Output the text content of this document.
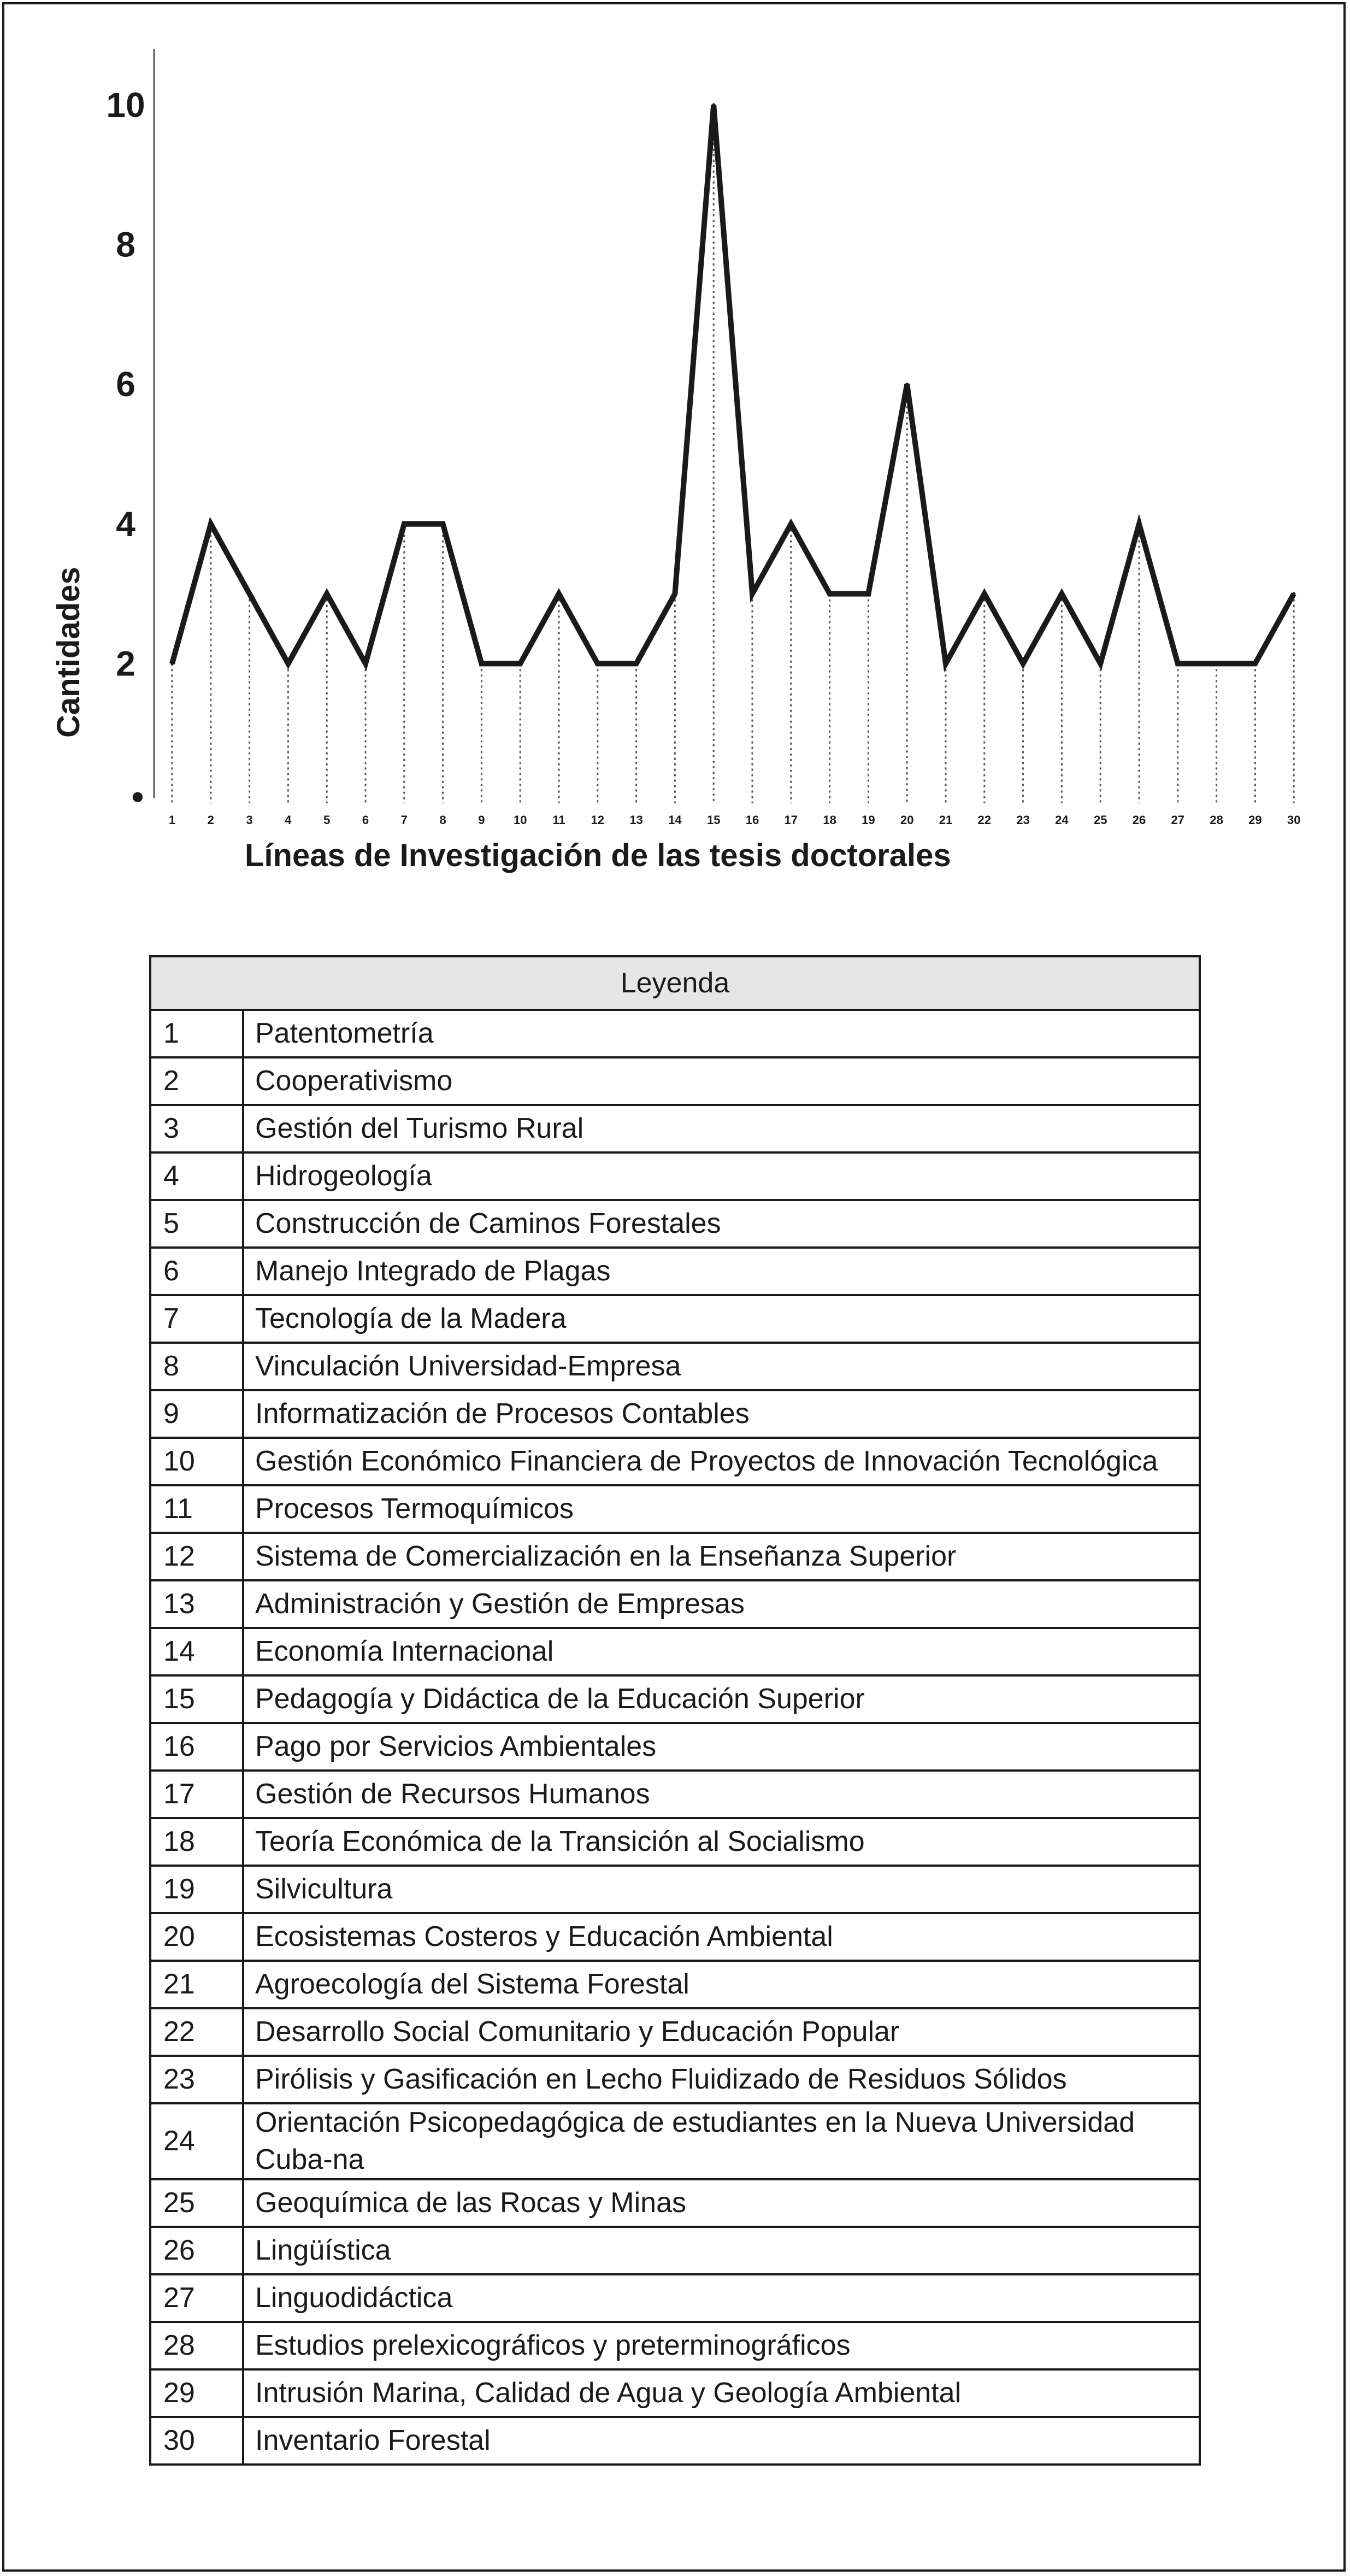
2
4
6
8
10
•
1	2	3	4	5	6	7	8	9 10 11 12 13 14 15 16 17 18 19 20 21 22 23 24 25 26 27 28 29 30
Cantidades
Líneas de Investigación de las tesis doctorales
Leyenda	
1	Patentometría
2	Cooperativismo
3	Gestión del Turismo Rural
4	Hidrogeología
5	Construcción de Caminos Forestales
6	Manejo Integrado de Plagas
7	Tecnología de la Madera
8	Vinculación Universidad-Empresa
9	Informatización de Procesos Contables
10	Gestión Económico Financiera de Proyectos de Innovación Tecnológica
11	Procesos Termoquímicos
12	Sistema de Comercialización en la Enseñanza Superior
13	Administración y Gestión de Empresas
14	Economía Internacional
15	Pedagogía y Didáctica de la Educación Superior
16	Pago por Servicios Ambientales
17	Gestión de Recursos Humanos
18	Teoría Económica de la Transición al Socialismo
19	Silvicultura
20	Ecosistemas Costeros y Educación Ambiental
21	Agroecología del Sistema Forestal
22	Desarrollo Social Comunitario y Educación Popular
23	Pirólisis y Gasificación en Lecho Fluidizado de Residuos Sólidos
24	Orientación Psicopedagógica de estudiantes en la Nueva Universidad Cuba-na
25	Geoquímica de las Rocas y Minas
26	Lingüística
27	Linguodidáctica
28	Estudios prelexicográficos y preterminográficos
29	Intrusión Marina, Calidad de Agua y Geología Ambiental
30	Inventario Forestal
